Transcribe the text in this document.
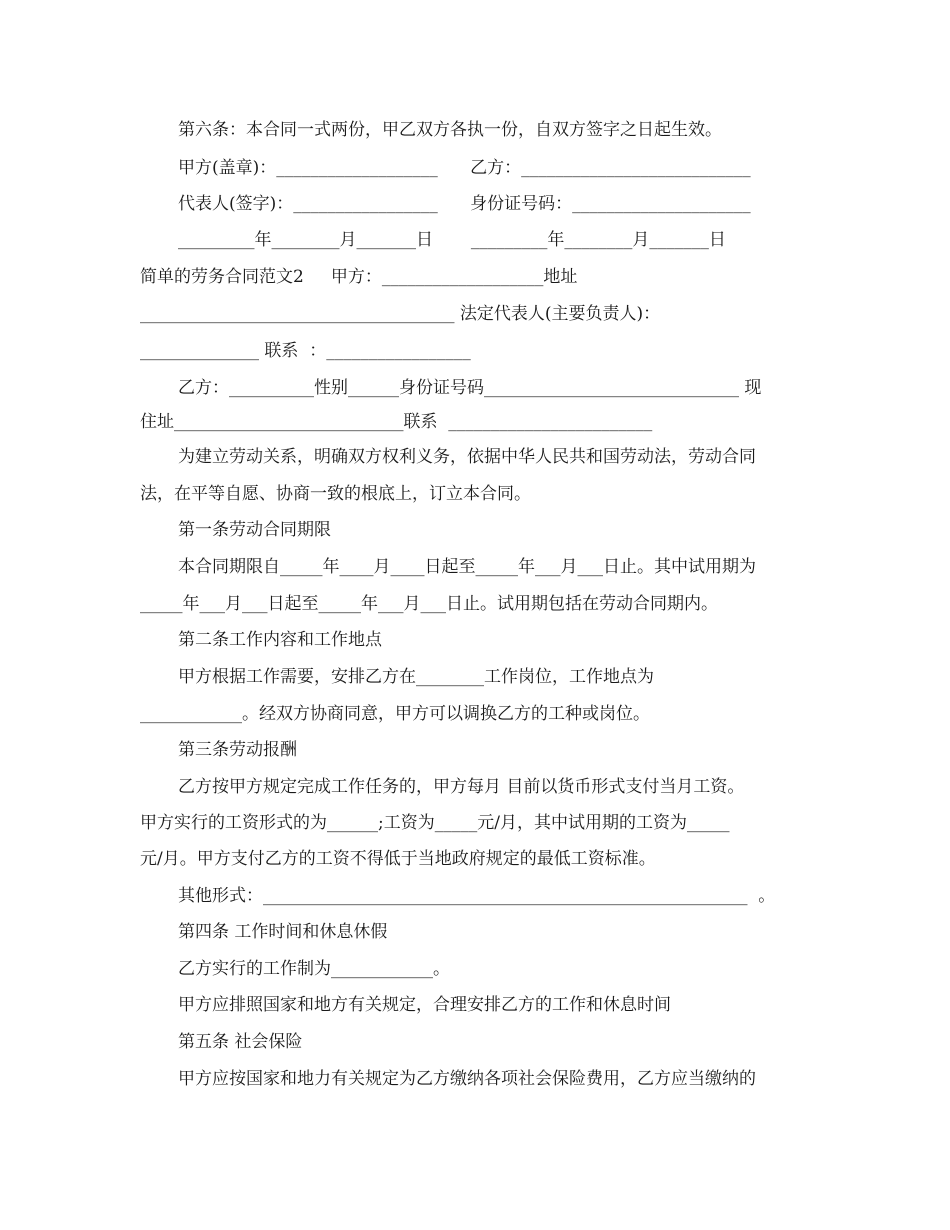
第六条：本合同一式两份，甲乙双方各执一份，自双方签字之日起生效。
甲方(盖章)：___________________      乙方：___________________________
代表人(签字)：_________________      身份证号码：_____________________
_________年________月_______日       _________年________月_______日
简单的劳务合同范文2     甲方：___________________地址
_____________________________________ 法定代表人(主要负责人)：
______________ 联系  ：_________________
乙方：__________性别______身份证号码______________________________ 现
住址___________________________联系  ________________________
为建立劳动关系，明确双方权利义务，依据中华人民共和国劳动法，劳动合同
法，在平等自愿、协商一致的根底上，订立本合同。
第一条劳动合同期限
本合同期限自_____年____月____日起至_____年___月___日止。其中试用期为
_____年___月___日起至_____年___月___日止。试用期包括在劳动合同期内。
第二条工作内容和工作地点
甲方根据工作需要，安排乙方在________工作岗位，工作地点为
____________。经双方协商同意，甲方可以调换乙方的工种或岗位。
第三条劳动报酬
乙方按甲方规定完成工作任务的，甲方每月 目前以货币形式支付当月工资。
甲方实行的工资形式的为______;工资为_____元/月，其中试用期的工资为_____
元/月。甲方支付乙方的工资不得低于当地政府规定的最低工资标准。
其他形式：_________________________________________________________  。
第四条 工作时间和休息休假
乙方实行的工作制为____________。
甲方应排照国家和地方有关规定，合理安排乙方的工作和休息时间
第五条 社会保险
甲方应按国家和地力有关规定为乙方缴纳各项社会保险费用，乙方应当缴纳的
